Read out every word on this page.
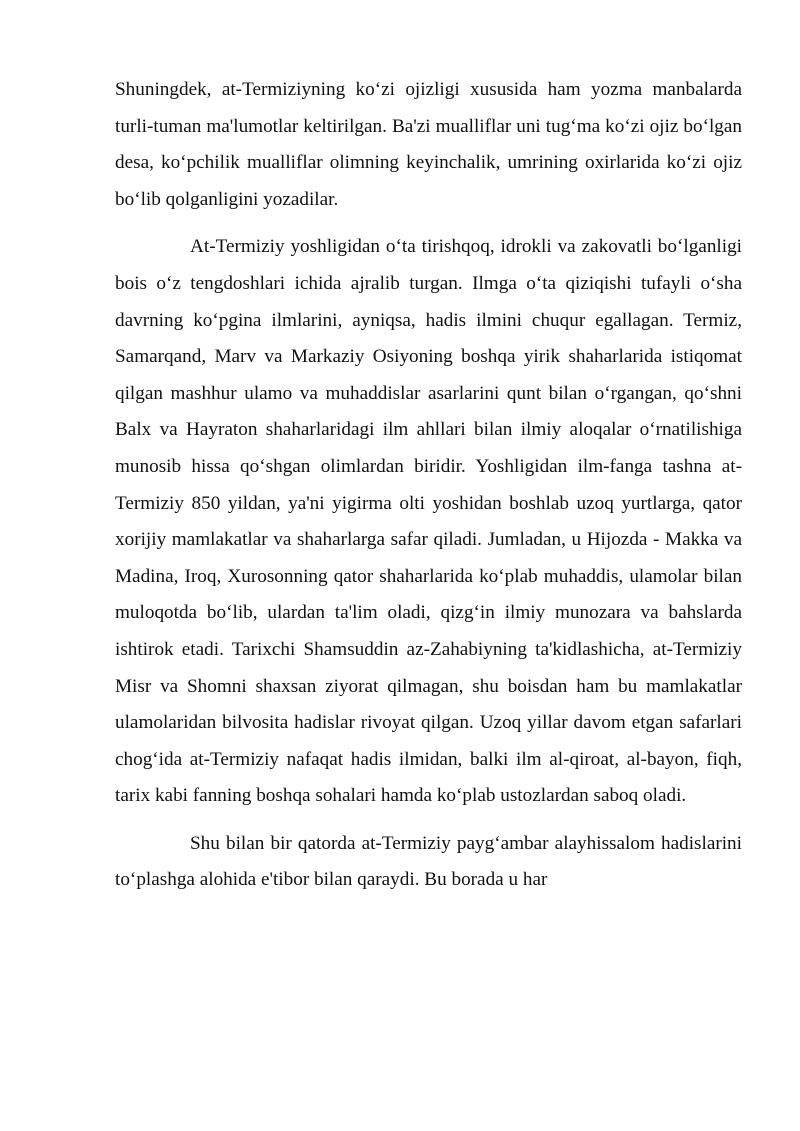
Shuningdek, at-Termiziyning ko‘zi ojizligi xususida ham yozma manbalarda turli-tuman ma'lumotlar keltirilgan. Ba'zi mualliflar uni tug‘ma ko‘zi ojiz bo‘lgan desa, ko‘pchilik mualliflar olimning keyinchalik, umrining oxirlarida ko‘zi ojiz bo‘lib qolganligini yozadilar.

At-Termiziy yoshligidan o‘ta tirishqoq, idrokli va zakovatli bo‘lganligi bois o‘z tengdoshlari ichida ajralib turgan. Ilmga o‘ta qiziqishi tufayli o‘sha davrning ko‘pgina ilmlarini, ayniqsa, hadis ilmini chuqur egallagan. Termiz, Samarqand, Marv va Markaziy Osiyoning boshqa yirik shaharlarida istiqomat qilgan mashhur ulamo va muhaddislar asarlarini qunt bilan o‘rgangan, qo‘shni Balx va Hayraton shaharlaridagi ilm ahllari bilan ilmiy aloqalar o‘rnatilishiga munosib hissa qo‘shgan olimlardan biridir. Yoshligidan ilm-fanga tashna at-Termiziy 850 yildan, ya'ni yigirma olti yoshidan boshlab uzoq yurtlarga, qator xorijiy mamlakatlar va shaharlarga safar qiladi. Jumladan, u Hijozda - Makka va Madina, Iroq, Xurosonning qator shaharlarida ko‘plab muhaddis, ulamolar bilan muloqotda bo‘lib, ulardan ta'lim oladi, qizg‘in ilmiy munozara va bahslarda ishtirok etadi. Tarixchi Shamsuddin az-Zahabiyning ta'kidlashicha, at-Termiziy Misr va Shomni shaxsan ziyorat qilmagan, shu boisdan ham bu mamlakatlar ulamolaridan bilvosita hadislar rivoyat qilgan. Uzoq yillar davom etgan safarlari chog‘ida at-Termiziy nafaqat hadis ilmidan, balki ilm al-qiroat, al-bayon, fiqh, tarix kabi fanning boshqa sohalari hamda ko‘plab ustozlardan saboq oladi.

Shu bilan bir qatorda at-Termiziy payg‘ambar alayhissalom hadislarini to‘plashga alohida e'tibor bilan qaraydi. Bu borada u har
